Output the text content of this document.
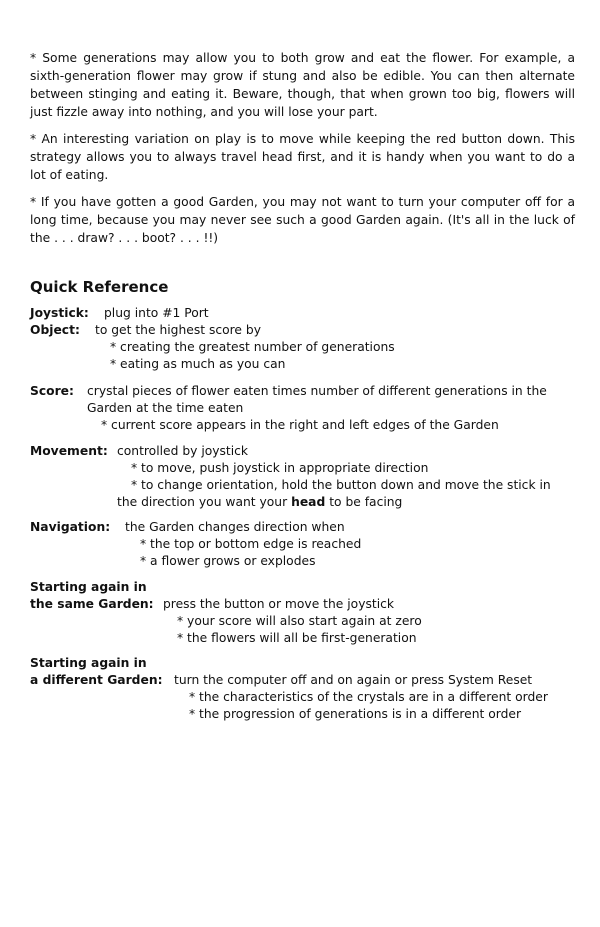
* Some generations may allow you to both grow and eat the flower. For example, a sixth-generation flower may grow if stung and also be edible. You can then alternate between stinging and eating it. Beware, though, that when grown too big, flowers will just fizzle away into nothing, and you will lose your part.

* An interesting variation on play is to move while keeping the red button down. This strategy allows you to always travel head first, and it is handy when you want to do a lot of eating.

* If you have gotten a good Garden, you may not want to turn your computer off for a long time, because you may never see such a good Garden again. (It's all in the luck of the . . . draw? . . . boot? . . . !!)

Quick Reference
Joystick: plug into #1 Port
Object: to get the highest score by
* creating the greatest number of generations
* eating as much as you can
Score: crystal pieces of flower eaten times number of different generations in the
Garden at the time eaten
* current score appears in the right and left edges of the Garden
Movement: controlled by joystick
* to move, push joystick in appropriate direction
* to change orientation, hold the button down and move the stick in
the direction you want your head to be facing
Navigation: the Garden changes direction when
* the top or bottom edge is reached
* a flower grows or explodes
Starting again in
the same Garden: press the button or move the joystick
* your score will also start again at zero
* the flowers will all be first-generation
Starting again in
a different Garden: turn the computer off and on again or press System Reset
* the characteristics of the crystals are in a different order
* the progression of generations is in a different order
